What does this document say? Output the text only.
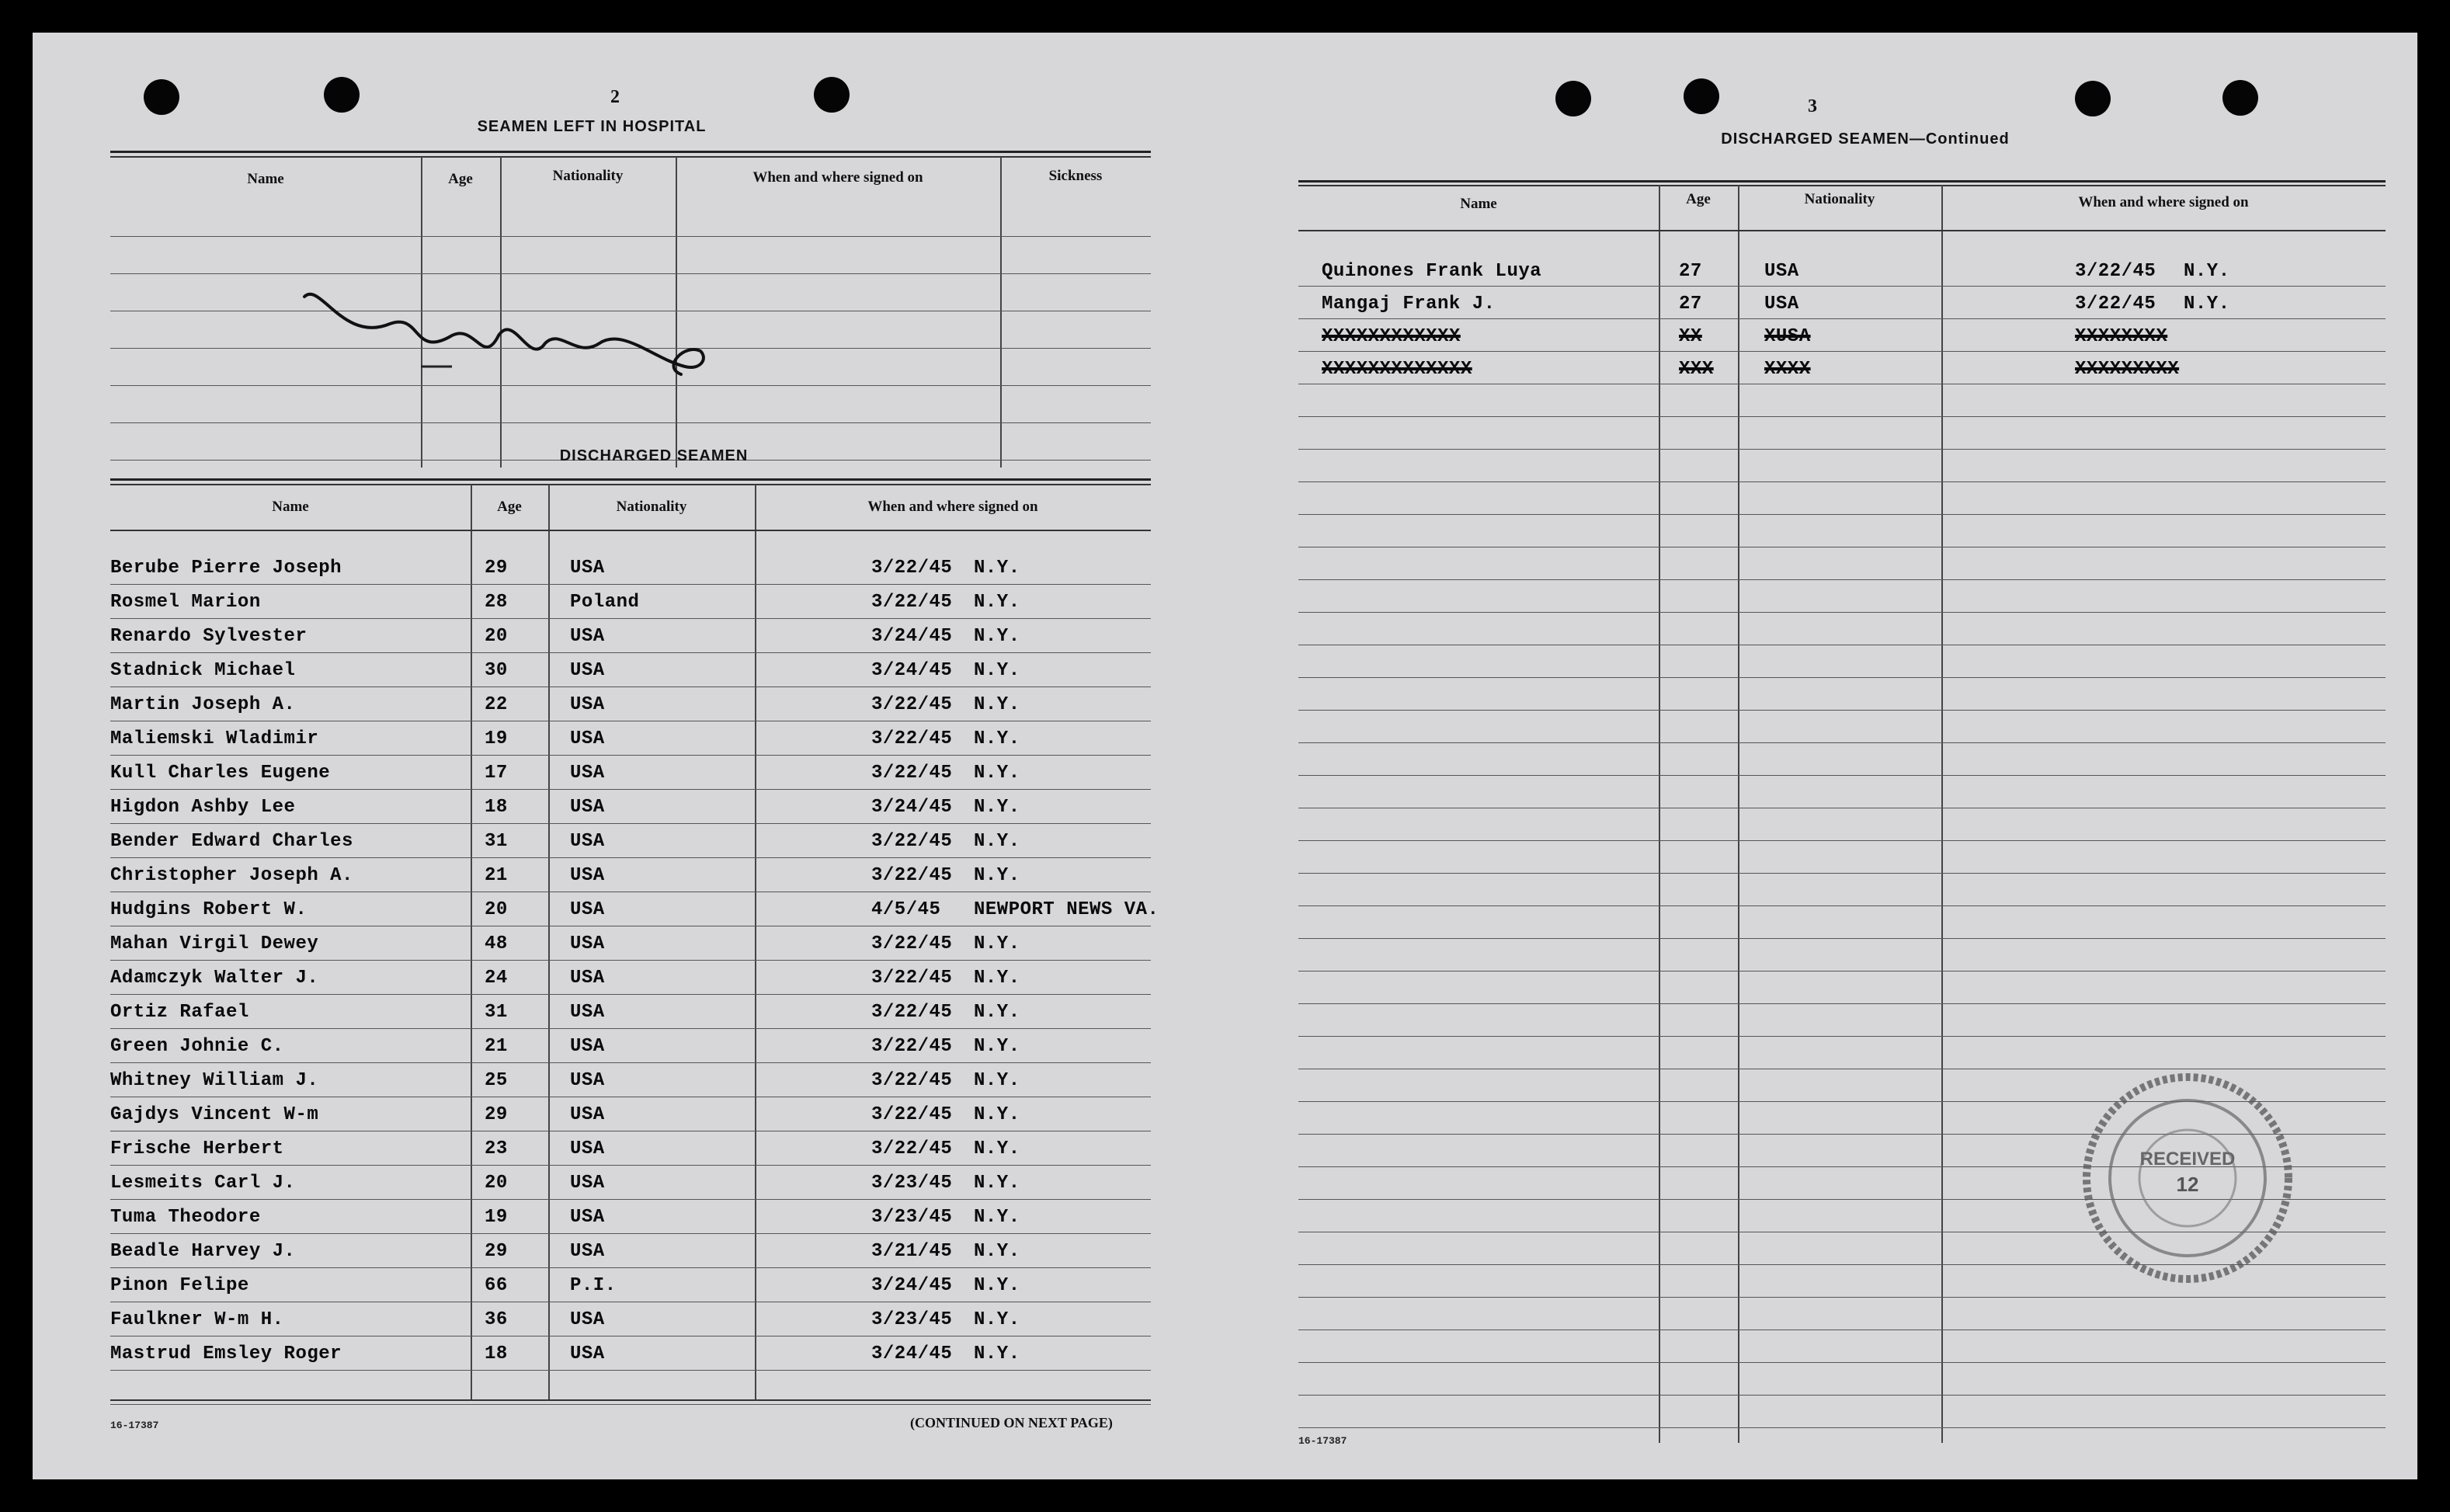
2
SEAMEN LEFT IN HOSPITAL
Name	Age	Nationality	When and where signed on	Sickness
DISCHARGED SEAMEN
Name	Age	Nationality	When and where signed on
Berube Pierre Joseph	29	USA	3/22/45 N.Y.
Rosmel Marion	28	Poland	3/22/45 N.Y.
Renardo Sylvester	20	USA	3/24/45 N.Y.
Stadnick Michael	30	USA	3/24/45 N.Y.
Martin Joseph A.	22	USA	3/22/45 N.Y.
Maliemski Wladimir	19	USA	3/22/45 N.Y.
Kull Charles Eugene	17	USA	3/22/45 N.Y.
Higdon Ashby Lee	18	USA	3/24/45 N.Y.
Bender Edward Charles	31	USA	3/22/45 N.Y.
Christopher Joseph A.	21	USA	3/22/45 N.Y.
Hudgins Robert W.	20	USA	4/5/45 NEWPORT NEWS VA.
Mahan Virgil Dewey	48	USA	3/22/45 N.Y.
Adamczyk Walter J.	24	USA	3/22/45 N.Y.
Ortiz Rafael	31	USA	3/22/45 N.Y.
Green Johnie C.	21	USA	3/22/45 N.Y.
Whitney William J.	25	USA	3/22/45 N.Y.
Gajdys Vincent W-m	29	USA	3/22/45 N.Y.
Frische Herbert	23	USA	3/22/45 N.Y.
Lesmeits Carl J.	20	USA	3/23/45 N.Y.
Tuma Theodore	19	USA	3/23/45 N.Y.
Beadle Harvey J.	29	USA	3/21/45 N.Y.
Pinon Felipe	66	P.I.	3/24/45 N.Y.
Faulkner W-m H.	36	USA	3/23/45 N.Y.
Mastrud Emsley Roger	18	USA	3/24/45 N.Y.
16-17387	(CONTINUED ON NEXT PAGE)
3
DISCHARGED SEAMEN—Continued
Name	Age	Nationality	When and where signed on
Quinones Frank Luya	27	USA	3/22/45 N.Y.
Mangaj Frank J.	27	USA	3/22/45 N.Y.
XXXXXXXXXXXX	XX	XUSA	XXXXXXXX
XXXXXXXXXXXXX	XXX	XXXX	XXXXXXXXX
16-17387
RECEIVED
12
